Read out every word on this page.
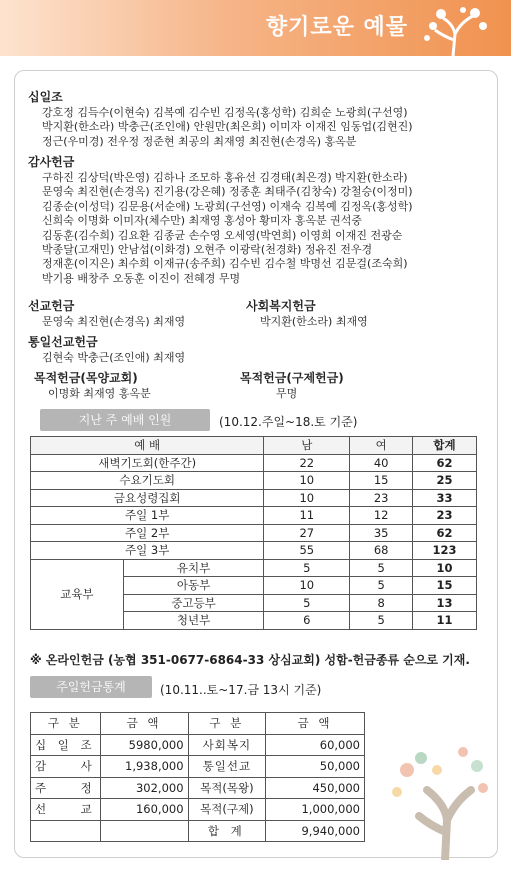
향기로운 예물
십일조
강호정 김득수(이현숙) 김복예 김수빈 김정옥(홍성학) 김희순 노광희(구선영)
박지환(한소라) 박충근(조인애) 안원만(최은희) 이미자 이재진 임동업(김현진)
정근(우미경) 전우정 정준현 최공의 최재영 최진현(손경옥) 홍옥분
감사헌금
구하진 김상덕(박은영) 김하나 조모하 홍유선 김경태(최은경) 박지환(한소라)
문영숙 최진현(손경옥) 진기용(강은혜) 정종훈 최태주(김창숙) 강철승(이정미)
김종순(이성덕) 김문용(서순애) 노광희(구선영) 이재숙 김복예 김정옥(홍성학)
신희숙 이명화 이미자(체수만) 최재영 홍성아 황미자 홍옥분 권석중
김동훈(김수희) 김요환 김종균 손수영 오세영(박연희) 이영희 이재진 전광순
박종달(고재민) 안남섭(이화경) 오현주 이광락(천경화) 정유진 전우경
정재훈(이지은) 최수희 이재규(송주희) 김수빈 김수철 박명선 김문걸(조숙희)
박기용 배창주 오동훈 이진이 전혜경 무명
선교헌금
문영숙 최진현(손경옥) 최재영
사회복지헌금
박지환(한소라) 최재영
통일선교헌금
김현숙 박충근(조인애) 최재영
목적헌금(목양교회)
이명화 최재영 홍옥분
목적헌금(구제헌금)
무명
지난 주 예배 인원	(10.12.주일~18.토 기준)
예 배		남	여	합계
새벽기도회(한주간)		22	40	62
수요기도회		10	15	25
금요성령집회		10	23	33
주일 1부		11	12	23
주일 2부		27	35	62
주일 3부		55	68	123
교육부	유치부	5	5	10
	아동부	10	5	15
	중고등부	5	8	13
	청년부	6	5	11
※ 온라인헌금 (농협 351-0677-6864-33 상심교회) 성함-헌금종류 순으로 기재.
주일헌금통계	(10.11..토~17.금 13시 기준)
구 분	금 액	구 분	금 액
십 일 조	5980,000	사회복지	60,000
감 사	1,938,000	통일선교	50,000
주 정	302,000	목적(목왕)	450,000
선 교	160,000	목적(구제)	1,000,000
		합 계	9,940,000
